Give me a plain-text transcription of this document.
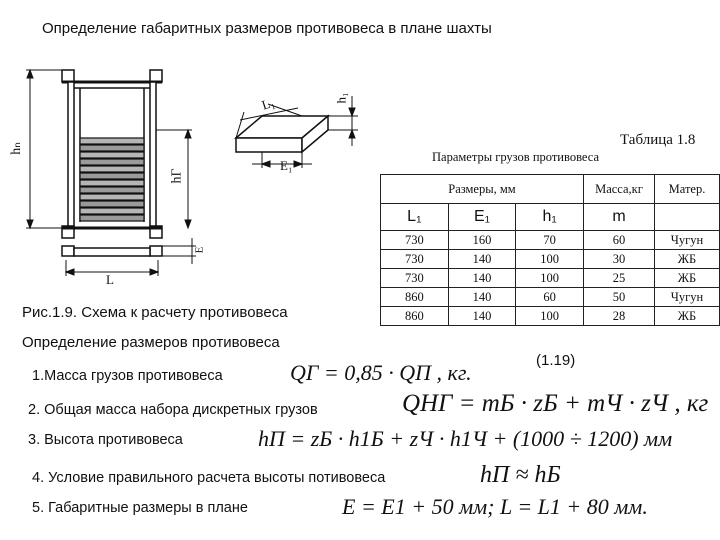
Определение габаритных размеров противовеса в плане шахты
hₙ
hГ
E
L
L₁
E₁
h₁
Рис.1.9. Схема к расчету противовеса
Таблица 1.8
Параметры грузов противовеса
Размеры, мм			Масса,кг	Матер.
L₁	E₁	h₁	m	
730	160	70	60	Чугун
730	140	100	30	ЖБ
730	140	100	25	ЖБ
860	140	60	50	Чугун
860	140	100	28	ЖБ
Определение размеров противовеса
1.Масса грузов противовеса	QГ = 0,85 · QП , кг.	(1.19)
2. Общая масса набора дискретных грузов	QНГ = mБ · zБ + mЧ · zЧ , кг
3. Высота противовеса	hП = zБ · h1Б + zЧ · h1Ч + (1000 ÷ 1200) мм
4. Условие правильного расчета высоты потивовеса	hП ≈ hБ
5. Габаритные размеры в плане	E = E1 + 50 мм; L = L1 + 80 мм.
